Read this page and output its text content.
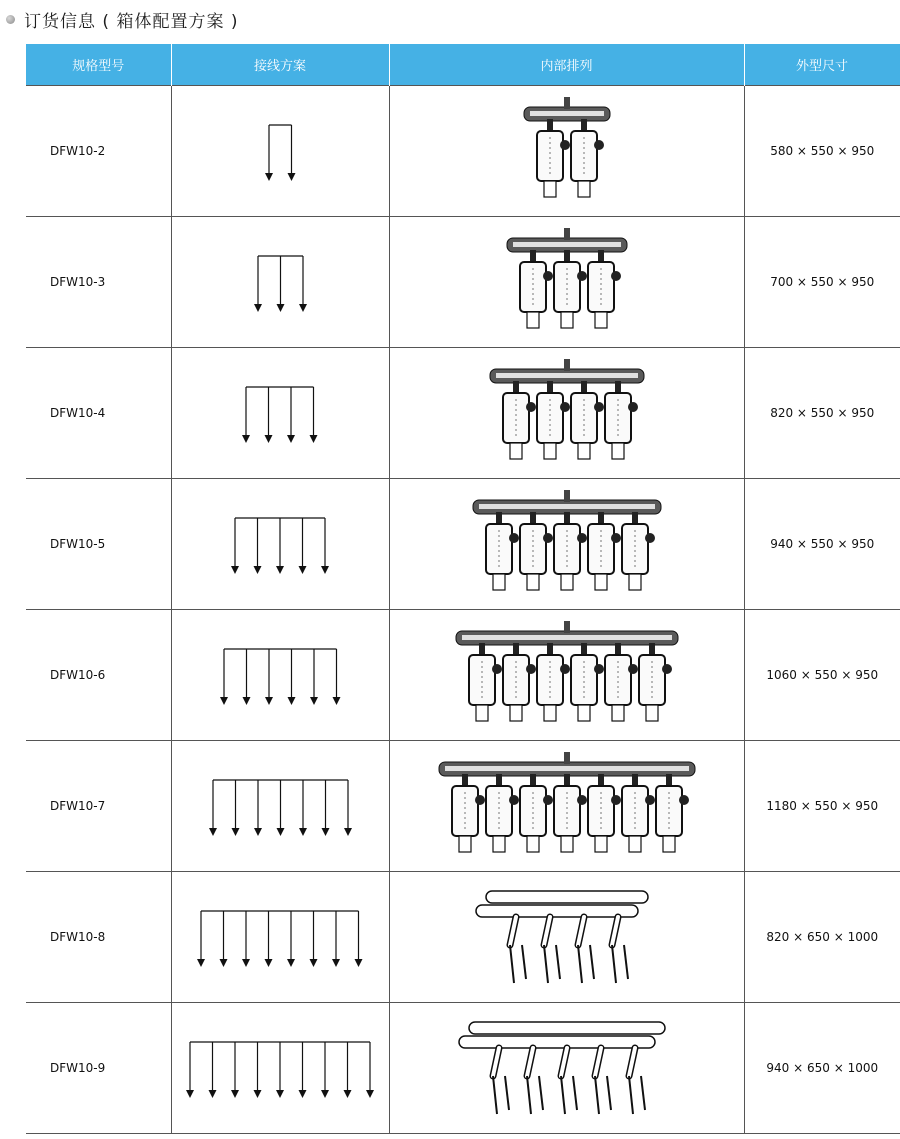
订货信息 ( 箱体配置方案 )
规格型号	接线方案	内部排列	外型尺寸
DFW10-2			580 × 550 × 950
DFW10-3			700 × 550 × 950
DFW10-4			820 × 550 × 950
DFW10-5			940 × 550 × 950
DFW10-6			1060 × 550 × 950
DFW10-7			1180 × 550 × 950
DFW10-8			820 × 650 × 1000
DFW10-9			940 × 650 × 1000
